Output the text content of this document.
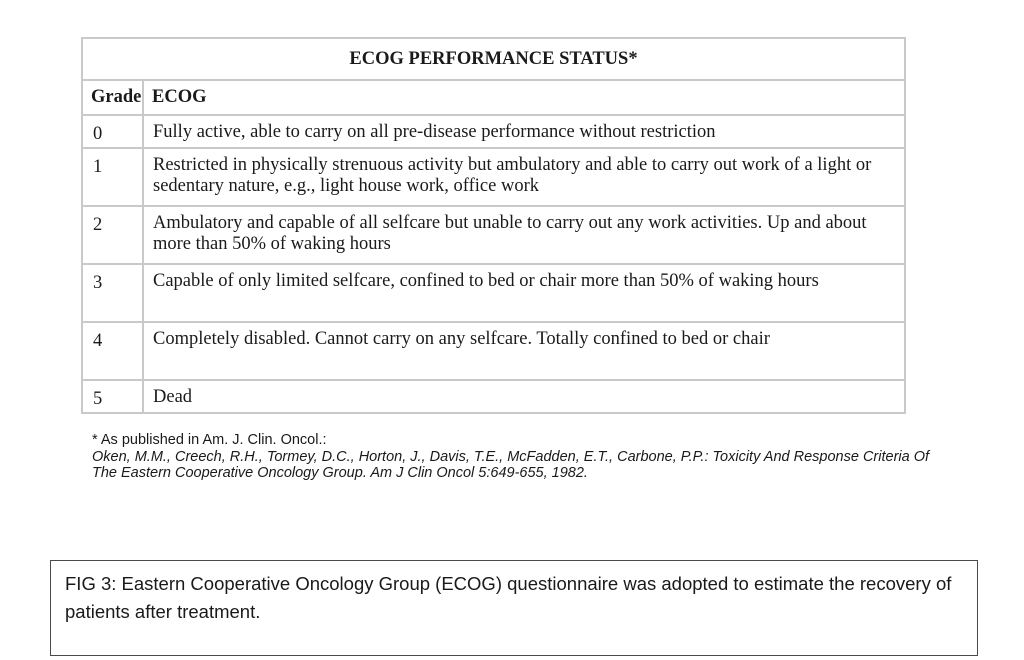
ECOG PERFORMANCE STATUS*	
Grade	ECOG
0	Fully active, able to carry on all pre-disease performance without restriction
1	Restricted in physically strenuous activity but ambulatory and able to carry out work of a light or sedentary nature, e.g., light house work, office work
2	Ambulatory and capable of all selfcare but unable to carry out any work activities. Up and about more than 50% of waking hours
3	Capable of only limited selfcare, confined to bed or chair more than 50% of waking hours
4	Completely disabled. Cannot carry on any selfcare. Totally confined to bed or chair
5	Dead
* As published in Am. J. Clin. Oncol.:
Oken, M.M., Creech, R.H., Tormey, D.C., Horton, J., Davis, T.E., McFadden, E.T., Carbone, P.P.: Toxicity And Response Criteria Of The Eastern Cooperative Oncology Group. Am J Clin Oncol 5:649-655, 1982.
FIG 3: Eastern Cooperative Oncology Group (ECOG) questionnaire was adopted to estimate the recovery of patients after treatment.
